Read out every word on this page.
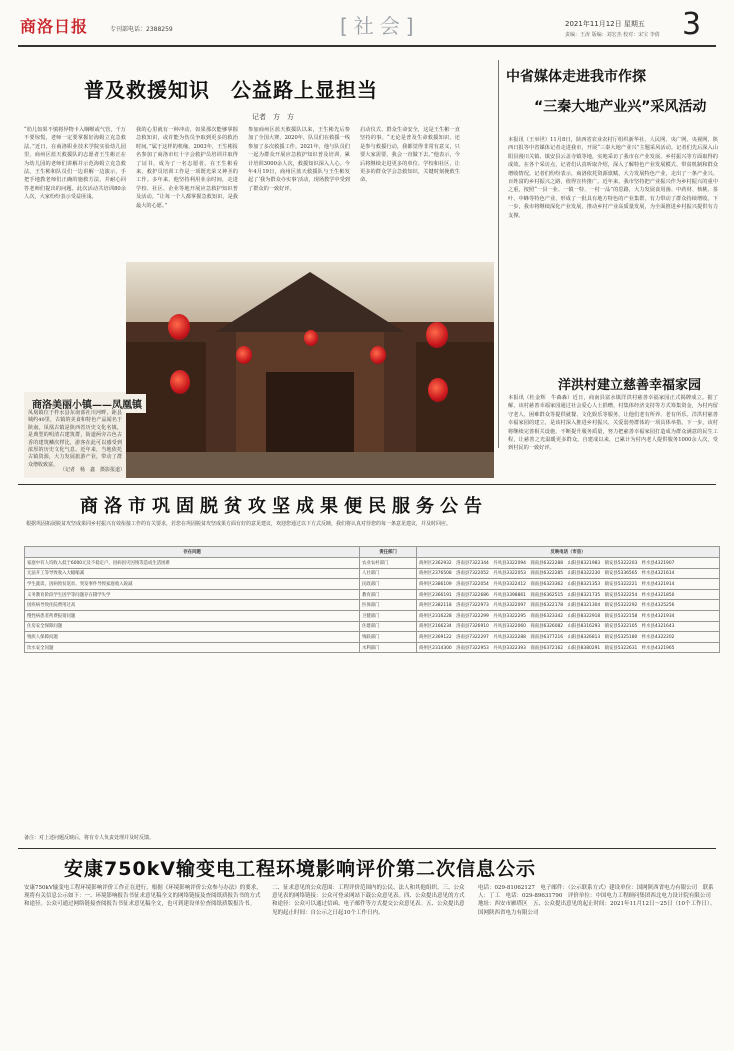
商洛日报	专刊部电话：2388259	[社会]	2021年11月12日 星期五
责编：王涛 版编：刘宏杰 校对：宋宝 李倩 3
普及救援知识　公益路上显担当
记者　方　方
“幼儿如果不慎将异物卡入咽喉或气管，千万不要惊慌，老师一定要掌握好海姆立克急救法。”近日，在商洛职业技术学院实验幼儿园里，商州区蓝天救援队的志愿者王生彬正在为幼儿园的老师们讲解并示范海姆立克急救法。王生彬和队员们一边讲解一边演示，手把手地教老师们正确的施救方法，并耐心回答老师们提出的问题。此次活动共培训80余人次，大家纷纷表示受益匪浅。
我的心里就有一种冲动，如果那次能够掌握急救知识，或许能为伤员争取到更多的救治时间。”属于这样的机缘，2003年，王生彬报名参加了商洛市红十字会救护员培训并取得了证书，成为了一名志愿者。在王生彬看来，救护员培训工作是一项既光荣又神圣的工作。多年来，他坚持利用业余时间，走进学校、社区、企业等地开展应急救护知识普及活动。“让每一个人都掌握急救知识，是我最大的心愿。”
参加商州区蓝天救援队以来，王生彬先后参加了全国大赛、2020年，队员们在救援一线参加了多次救援工作。2021年，他与队员们一起为群众开展应急救护知识普及培训，累计培训3000余人次，救援知识深入人心。今年4月19日，商州区蓝天救援队与王生彬发起了‘我为群众办实事’活动，现场教学中受到了群众的一致好评。
启动仪式、群众生命安全，这是王生彬一直坚持的事。“无论是普及生命救援知识，还是参与救援行动，我都觉得非常有意义，只要大家需要，我会一直做下去。”他表示，今后将继续走进更多的单位、学校和社区，让更多的群众学会急救知识，关键时刻挽救生命。
中省媒体走进我市作探
“三秦大地产业兴”采风活动
本报讯（王举世）11月8日，陕西省农业农村厅组织新华社、人民网、央广网、央视网、陕西日报等中省媒体记者走进我市，开展“三秦大地产业兴”主题采风活动。记者们先后深入山阳县漫川关镇、镇安县云盖寺镇等地，实地采访了我市在产业发展、乡村振兴等方面取得的成效。在各个采访点，记者们认真听取介绍，深入了解特色产业发展模式、带贫机制和群众增收情况。记者们纷纷表示，商洛依托资源禀赋，大力发展特色产业，走出了一条产业兴、百姓富的乡村振兴之路，值得宣传推广。近年来，我市坚持把产业振兴作为乡村振兴的重中之重，按照“一县一业、一镇一特、一村一品”的思路，大力发展食用菌、中药材、核桃、茶叶、中蜂等特色产业，形成了一批具有地方特色的产业集群，有力带动了群众持续增收。下一步，我市将继续深化产业发展，推动乡村产业高质量发展，为全面推进乡村振兴提供有力支撑。
商洛美丽小镇——凤凰镇
凤凰镇位于柞水县东南部社川河畔，距县城约40里，古镇的美食和特色产品闻名于陕南。凤凰古镇是陕西省历史文化名镇，是典型的明清古建筑群，街道两旁古色古香的建筑鳞次栉比，游客在此可以感受到浓厚的历史文化气息。近年来，当地依托古镇资源，大力发展旅游产业，带动了群众增收致富。
（记者　杨　鑫　摄影报道）
洋洪村建立慈善幸福家园
本报讯（杜金辉　牛森森）近日，商南县富水镇洋洪村慈善幸福家园正式揭牌成立。据了解，该村慈善幸福家园通过社会爱心人士捐赠、村集体经济支持等方式筹集资金，为村内留守老人、困难群众等提供就餐、文化娱乐等服务，让他们老有所养、老有所乐。洋洪村慈善幸福家园的建立，是该村深入推进乡村振兴、关爱弱势群体的一项具体举措。下一步，该村将继续完善相关设施，不断提升服务质量，努力把慈善幸福家园打造成为群众满意的民生工程，让慈善之光温暖更多群众。自建成以来，已累计为村内老人提供服务1000余人次，受到村民的一致好评。
商洛市巩固脱贫攻坚成果便民服务公告
根据巩固拓展脱贫攻坚成果同乡村振兴有效衔接工作的有关要求，若您在巩固脱贫攻坚成果方面有好的意见建议，欢迎您通过以下方式反映，我们将认真对待您的每一条意见建议，并及时回应。
存在问题	责任部门	反映电话（市县）
家庭中有人均收入低于6000元及不稳定户，因病因灾因残等造成生活困难	农业农村部门	商州区2362932　洛南县7322344　丹凤县3322094　商南县6322288　山阳县8321983　镇安县5322203　柞水县4321907
无法开工等导致收入大幅缩减	人社部门	商州区2376508　洛南县7322052　丹凤县3322053　商南县6322285　山阳县8322230　镇安县5336565　柞水县4321614
学生就读、因病致贫返贫、突发事件导致家庭收入锐减	民政部门	商州区2386109　洛南县7322054　丹凤县3322412　商南县6323362　山阳县8321353　镇安县5322221　柞水县4321914
义务教育阶段学生因学等问题存在辍学失学	教育部门	商州区2366191　洛南县7322686　丹凤县3398861　商南县6362515　山阳县8321735　镇安县5322254　柞水县4321850
因疾病导致住院费用过高	医保部门	商州区2382118　洛南县7322973　丹凤县3322097　商南县6322178　山阳县8321304　镇安县5322292　柞水县4325256
慢性病患者药费报销问题	卫健部门	商州区2316228　洛南县7322299　丹凤县3322295　商南县6323342　山阳县8322918　镇安县5322158　柞水县4321934
住房安全保障问题	住建部门	商州区2166234　洛南县7326910　丹凤县3322060　商南县6326082　山阳县8316293　镇安县5322105　柞水县4321643
残疾人保障问题	残联部门	商州区2369122　洛南县7322297　丹凤县3322288　商南县6377216　山阳县8326813　镇安县5325180　柞水县4322202
饮水安全问题	水利部门	商州区2314300　洛南县7322953　丹凤县3322393　商南县6372162　山阳县8380291　镇安县5322631　柞水县4321965
备注：对上述问题反映后，将有专人负责处理并及时反馈。
安康750kV输变电工程环境影响评价第二次信息公示
安康750kV输变电工程环境影响评价工作正在进行，根据《环境影响评价公众参与办法》的要求，现将有关信息公示如下：一、环境影响报告书征求意见稿全文的网络链接及查阅纸质报告书的方式和途径。公众可通过网络链接查阅报告书征求意见稿全文，也可到建设单位查阅纸质版报告书。
二、征求意见的公众范围：工程评价范围内的公民、法人和其他组织。三、公众意见表的网络链接：公众可登录网站下载公众意见表。四、公众提出意见的方式和途径：公众可以通过信函、电子邮件等方式提交公众意见表。五、公众提出意见的起止时间：自公示之日起10个工作日内。
电话：029-81062127　电子邮件：（公示联系方式）建设单位：国网陕西省电力有限公司　联系人：丁工　电话：029-89631790　评价单位：中国电力工程顾问集团西北电力设计院有限公司　地址：西安市雁塔区　五、公众提出意见的起止时间：2021年11月12日～25日（10个工作日）。国网陕西省电力有限公司
